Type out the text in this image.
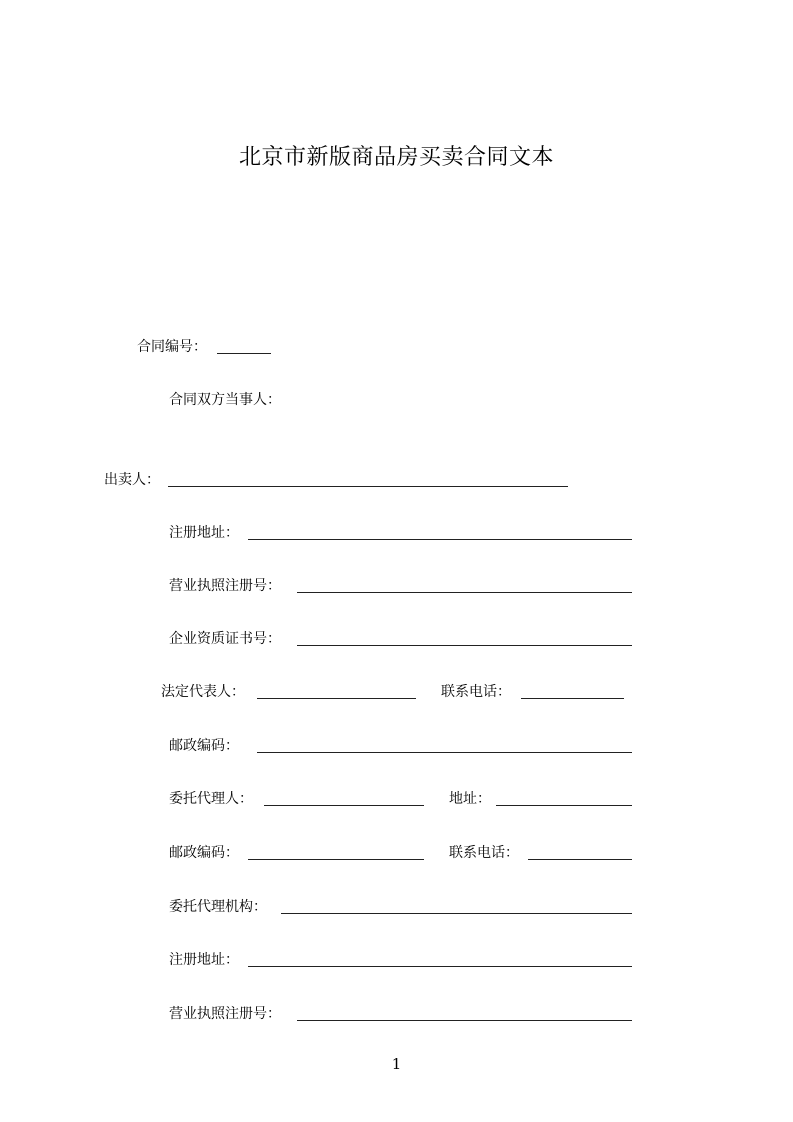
北京市新版商品房买卖合同文本
合同编号：
合同双方当事人：
出卖人：
注册地址：
营业执照注册号：
企业资质证书号：
法定代表人：	联系电话：
邮政编码：
委托代理人：	地址：
邮政编码：	联系电话：
委托代理机构：
注册地址：
营业执照注册号：
1
